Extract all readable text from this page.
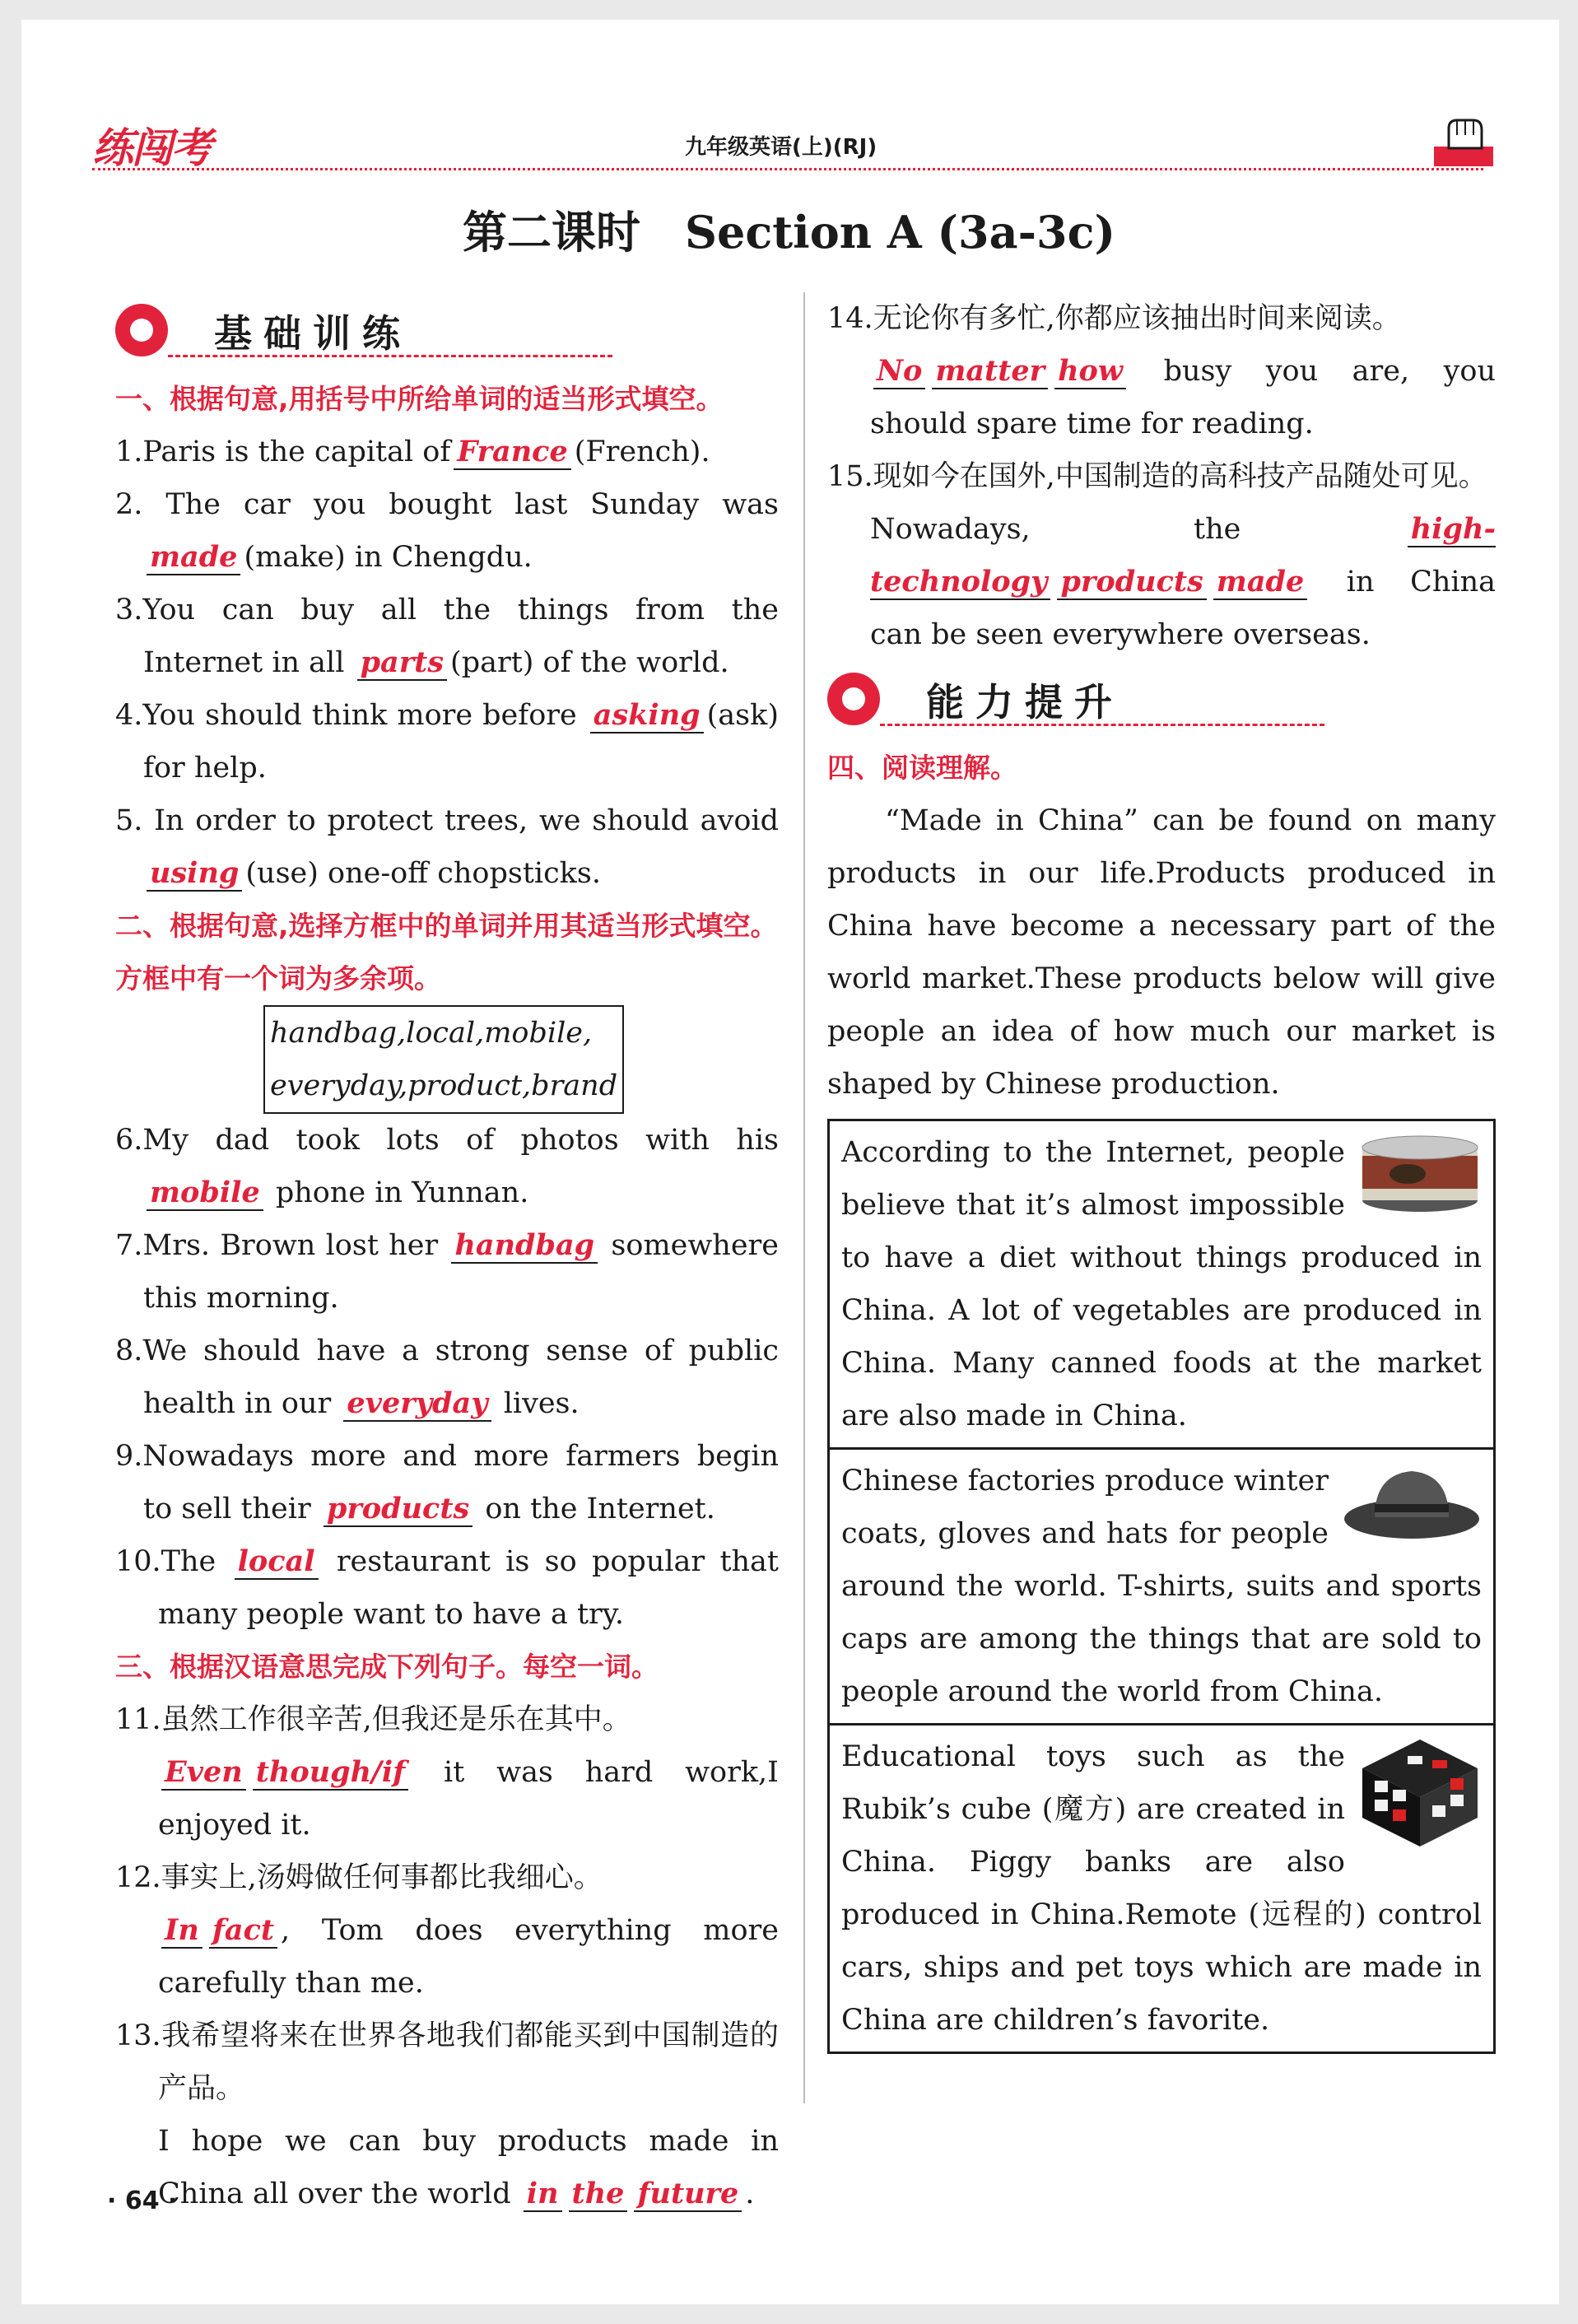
练闯考	九年级英语(上)(RJ)
第二课时　Section A (3a-3c)
基础训练

一、根据句意,用括号中所给单词的适当形式填空。

1.Paris is the capital of France (French).

2. The car you bought last Sunday was made (make) in Chengdu.

3.You can buy all the things from the Internet in all parts (part) of the world.

4.You should think more before asking (ask) for help.

5. In order to protect trees, we should avoid using (use) one-off chopsticks.

二、根据句意,选择方框中的单词并用其适当形式填空。方框中有一个词为多余项。

handbag,local,mobile,
everyday,product,brand

6.My dad took lots of photos with his mobile phone in Yunnan.

7.Mrs. Brown lost her handbag somewhere this morning.

8.We should have a strong sense of public health in our everyday lives.

9.Nowadays more and more farmers begin to sell their products on the Internet.

10.The local restaurant is so popular that many people want to have a try.

三、根据汉语意思完成下列句子。每空一词。

11.虽然工作很辛苦,但我还是乐在其中。

Even though/if it was hard work,I enjoyed it.

12.事实上,汤姆做任何事都比我细心。

In fact , Tom does everything more carefully than me.

13.我希望将来在世界各地我们都能买到中国制造的产品。

I hope we can buy products made in China all over the world in the future .

14.无论你有多忙,你都应该抽出时间来阅读。

No matter how busy you are, you should spare time for reading.

15.现如今在国外,中国制造的高科技产品随处可见。

Nowadays, the	high-technology products made in China can be seen everywhere overseas.

能力提升

四、阅读理解。

“Made in China” can be found on many products in our life.Products produced in China have become a necessary part of the world market.These products below will give people an idea of how much our market is shaped by Chinese production.

According to the Internet, people believe that it’s almost impossible to have a diet without things produced in China. A lot of vegetables are produced in China. Many canned foods at the market are also made in China.
Chinese factories produce winter coats, gloves and hats for people around the world. T-shirts, suits and sports caps are among the things that are sold to people around the world from China.
Educational toys such as the Rubik’s cube (魔方) are created in China. Piggy banks are also produced in China.Remote (远程的) control cars, ships and pet toys which are made in China are children’s favorite.
· 64 ·
